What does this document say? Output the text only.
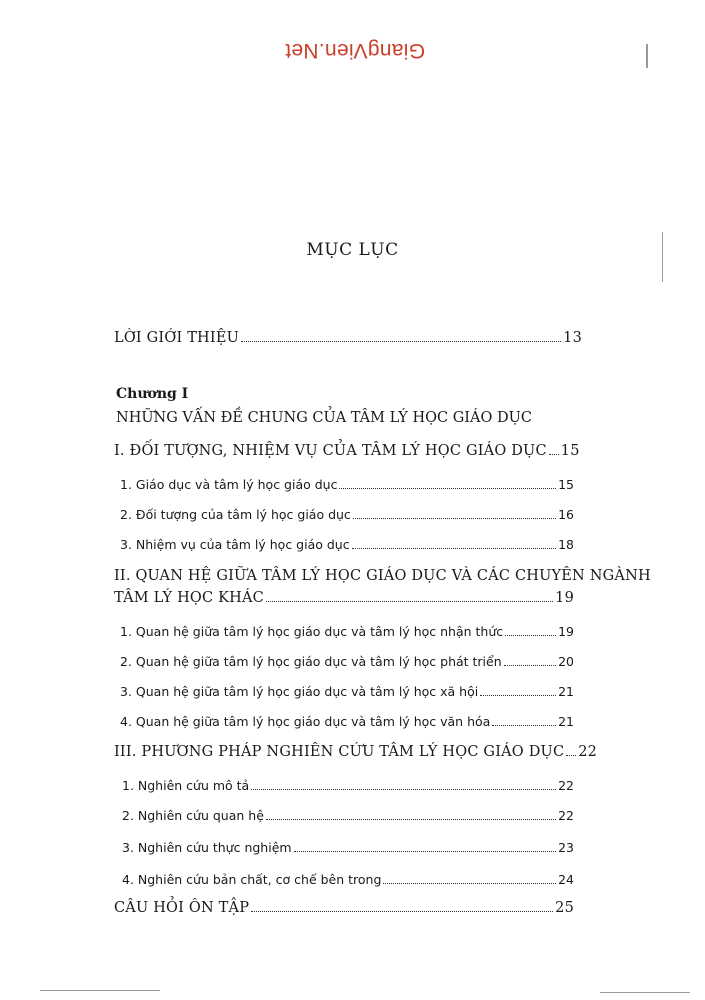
GiangVien.Net
MỤC LỤC
LỜI GIỚI THIỆU	13
Chương I
NHỮNG VẤN ĐỀ CHUNG CỦA TÂM LÝ HỌC GIÁO DỤC
I. ĐỐI TƯỢNG, NHIỆM VỤ CỦA TÂM LÝ HỌC GIÁO DỤC 15
1. Giáo dục và tâm lý học giáo dục	15
2. Đối tượng của tâm lý học giáo dục	16
3. Nhiệm vụ của tâm lý học giáo dục	18
II. QUAN HỆ GIỮA TÂM LÝ HỌC GIÁO DỤC VÀ CÁC CHUYÊN NGÀNH
TÂM LÝ HỌC KHÁC	19
1. Quan hệ giữa tâm lý học giáo dục và tâm lý học nhận thức	19
2. Quan hệ giữa tâm lý học giáo dục và tâm lý học phát triển	20
3. Quan hệ giữa tâm lý học giáo dục và tâm lý học xã hội	21
4. Quan hệ giữa tâm lý học giáo dục và tâm lý học văn hóa	21
III. PHƯƠNG PHÁP NGHIÊN CỨU TÂM LÝ HỌC GIÁO DỤC 22
1. Nghiên cứu mô tả	22
2. Nghiên cứu quan hệ	22
3. Nghiên cứu thực nghiệm	23
4. Nghiên cứu bản chất, cơ chế bên trong	24
CÂU HỎI ÔN TẬP	25
